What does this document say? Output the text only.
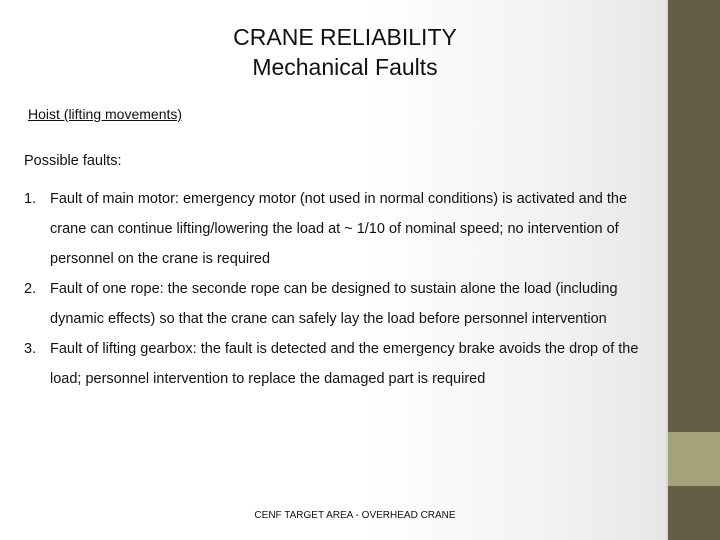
CRANE RELIABILITY
Mechanical Faults
Hoist (lifting movements)
Possible faults:
1. Fault of main motor: emergency motor (not used in normal conditions) is activated and the crane can continue lifting/lowering the load at ~ 1/10 of nominal speed; no intervention of personnel on the crane is required
2. Fault of one rope: the seconde rope can be designed to sustain alone the load (including dynamic effects) so that the crane can safely lay the load before personnel intervention
3. Fault of lifting gearbox: the fault is detected and the emergency brake avoids the drop of the load; personnel intervention to replace the damaged part is required
CENF TARGET AREA - OVERHEAD CRANE
